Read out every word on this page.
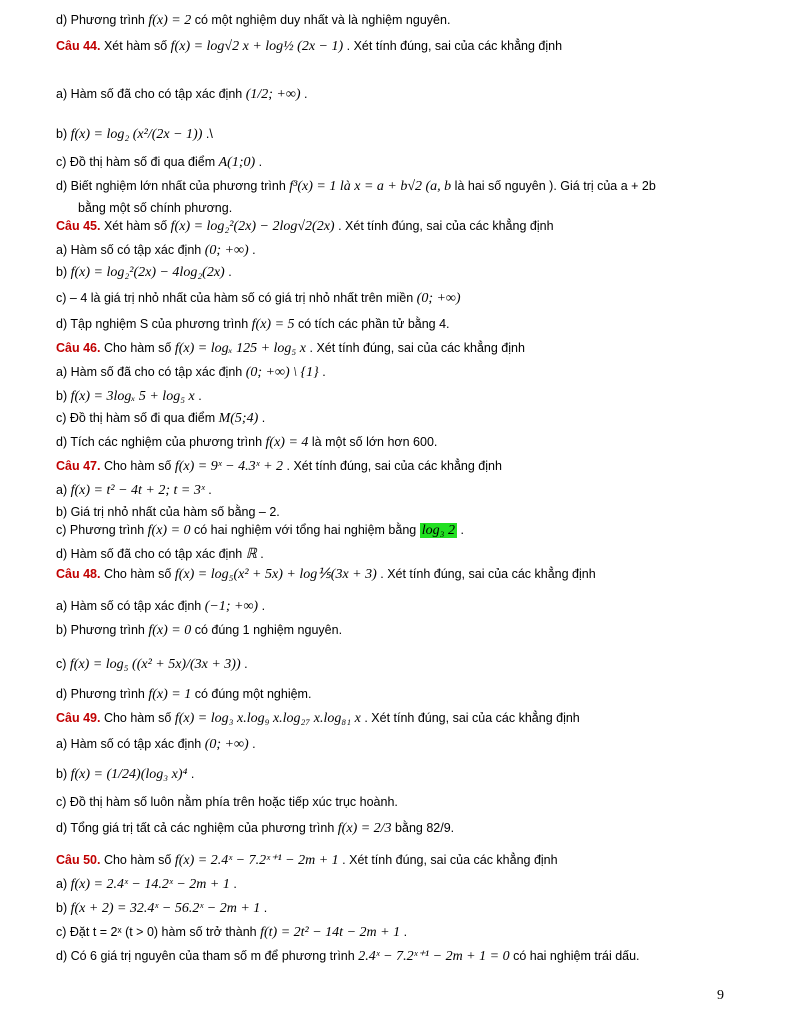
d) Phương trình f(x) = 2 có một nghiệm duy nhất và là nghiệm nguyên.
Câu 44. Xét hàm số f(x) = log√2 x + log½ (2x − 1) . Xét tính đúng, sai của các khẳng định
a) Hàm số đã cho có tập xác định (1/2; +∞) .
b) f(x) = log₂ (x²/(2x − 1)) .\
c) Đồ thị hàm số đi qua điểm A(1;0) .
d) Biết nghiệm lớn nhất của phương trình f³(x) = 1 là x = a + b√2 (a, b là hai số nguyên ). Giá trị của a + 2b
bằng một số chính phương.
Câu 45. Xét hàm số f(x) = log₂²(2x) − 2log√2(2x) . Xét tính đúng, sai của các khẳng định
a) Hàm số có tập xác định (0; +∞) .
b) f(x) = log₂²(2x) − 4log₂(2x) .
c) – 4 là giá trị nhỏ nhất của hàm số có giá trị nhỏ nhất trên miền (0; +∞)
d) Tập nghiệm S của phương trình f(x) = 5 có tích các phần tử bằng 4.
Câu 46. Cho hàm số f(x) = logₓ 125 + log₅ x . Xét tính đúng, sai của các khẳng định
a) Hàm số đã cho có tập xác định (0; +∞) \ {1} .
b) f(x) = 3logₓ 5 + log₅ x .
c) Đồ thị hàm số đi qua điểm M(5;4) .
d) Tích các nghiệm của phương trình f(x) = 4 là một số lớn hơn 600.
Câu 47. Cho hàm số f(x) = 9ˣ − 4.3ˣ + 2 . Xét tính đúng, sai của các khẳng định
a) f(x) = t² − 4t + 2; t = 3ˣ .
b) Giá trị nhỏ nhất của hàm số bằng – 2.
c) Phương trình f(x) = 0 có hai nghiệm với tổng hai nghiệm bằng log₃ 2 .
d) Hàm số đã cho có tập xác định ℝ .
Câu 48. Cho hàm số f(x) = log₅(x² + 5x) + log⅕(3x + 3) . Xét tính đúng, sai của các khẳng định
a) Hàm số có tập xác định (−1; +∞) .
b) Phương trình f(x) = 0 có đúng 1 nghiệm nguyên.
c) f(x) = log₅ ((x² + 5x)/(3x + 3)) .
d) Phương trình f(x) = 1 có đúng một nghiệm.
Câu 49. Cho hàm số f(x) = log₃ x.log₉ x.log₂₇ x.log₈₁ x . Xét tính đúng, sai của các khẳng định
a) Hàm số có tập xác định (0; +∞) .
b) f(x) = (1/24)(log₃ x)⁴ .
c) Đồ thị hàm số luôn nằm phía trên hoặc tiếp xúc trục hoành.
d) Tổng giá trị tất cả các nghiệm của phương trình f(x) = 2/3 bằng 82/9.
Câu 50. Cho hàm số f(x) = 2.4ˣ − 7.2ˣ⁺¹ − 2m + 1 . Xét tính đúng, sai của các khẳng định
a) f(x) = 2.4ˣ − 14.2ˣ − 2m + 1 .
b) f(x + 2) = 32.4ˣ − 56.2ˣ − 2m + 1 .
c) Đặt t = 2ˣ (t > 0) hàm số trở thành f(t) = 2t² − 14t − 2m + 1 .
d) Có 6 giá trị nguyên của tham số m để phương trình 2.4ˣ − 7.2ˣ⁺¹ − 2m + 1 = 0 có hai nghiệm trái dấu.
9
